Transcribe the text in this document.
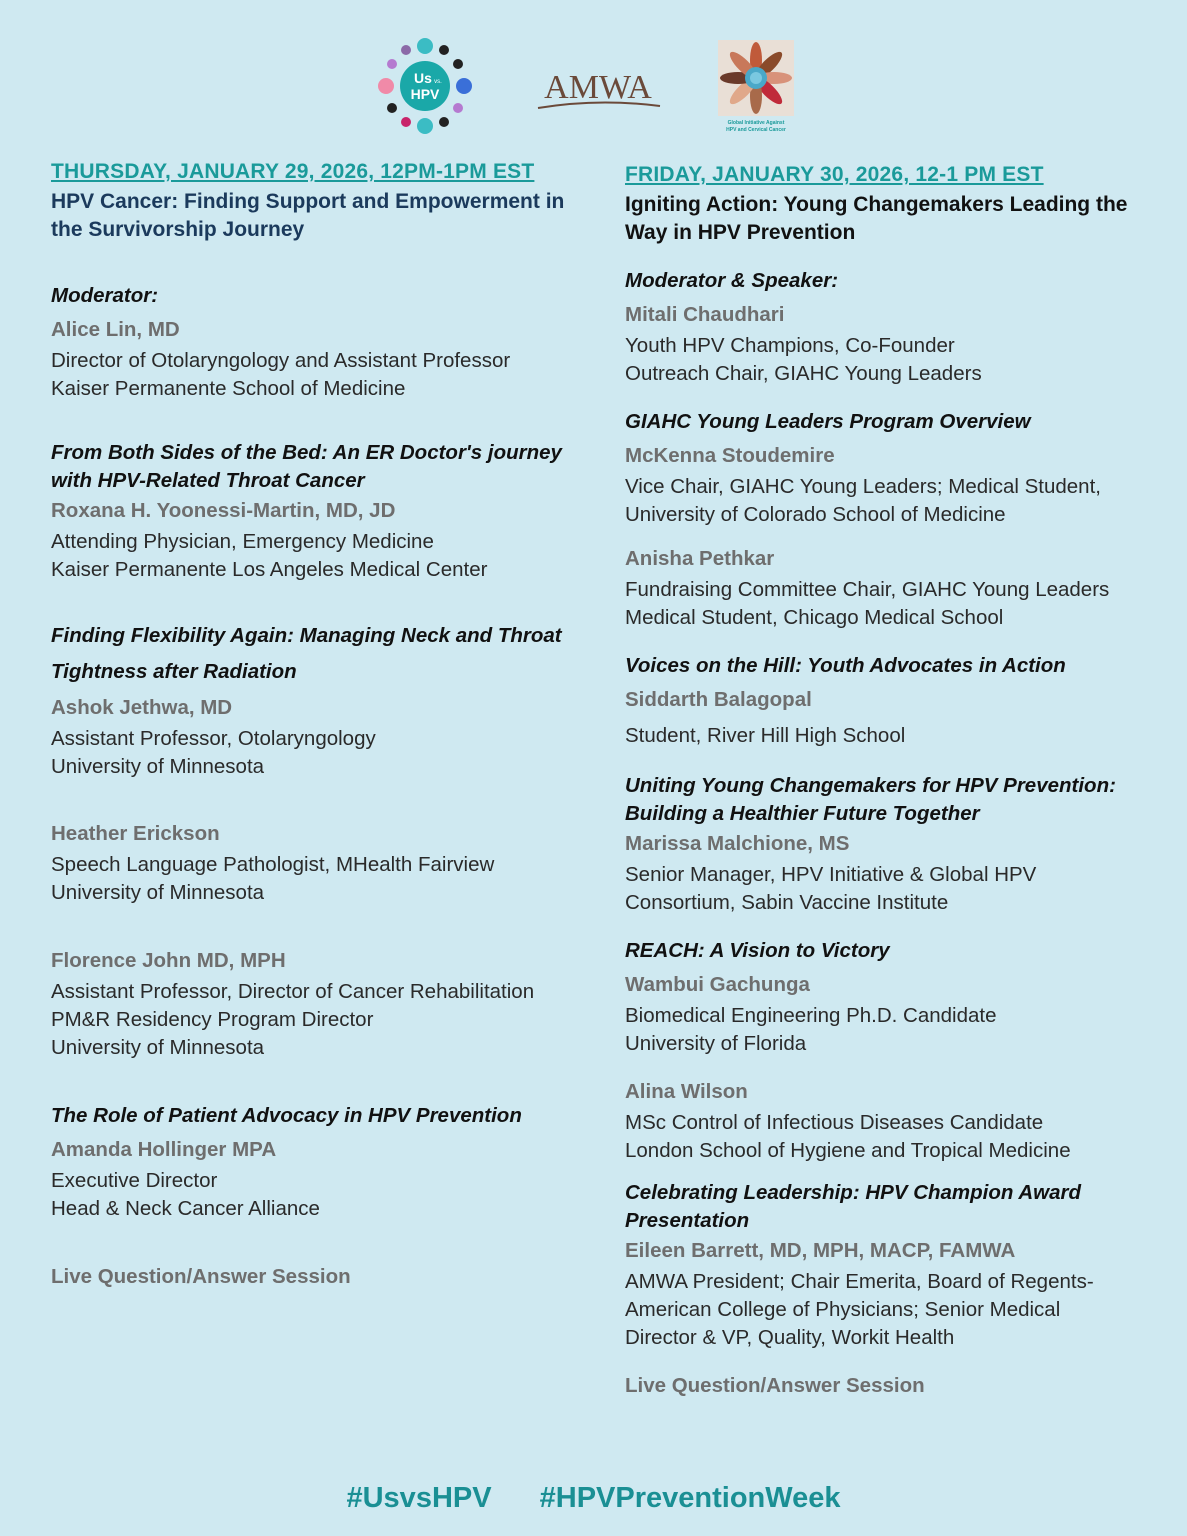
Us vs.
HPV	AMWA
Global Initiative Against
HPV and Cervical Cancer
THURSDAY, JANUARY 29, 2026, 12PM-1PM EST
HPV Cancer: Finding Support and Empowerment in the Survivorship Journey
Moderator:
Alice Lin, MD
Director of Otolaryngology and Assistant Professor
Kaiser Permanente School of Medicine
From Both Sides of the Bed: An ER Doctor's journey with HPV-Related Throat Cancer
Roxana H. Yoonessi-Martin, MD, JD
Attending Physician, Emergency Medicine
Kaiser Permanente Los Angeles Medical Center
Finding Flexibility Again: Managing Neck and Throat
Tightness after Radiation
Ashok Jethwa, MD
Assistant Professor, Otolaryngology
University of Minnesota
Heather Erickson
Speech Language Pathologist, MHealth Fairview
University of Minnesota
Florence John MD, MPH
Assistant Professor, Director of Cancer Rehabilitation
PM&R Residency Program Director
University of Minnesota
The Role of Patient Advocacy in HPV Prevention
Amanda Hollinger MPA
Executive Director
Head & Neck Cancer Alliance
Live Question/Answer Session
FRIDAY, JANUARY 30, 2026, 12-1 PM EST
Igniting Action: Young Changemakers Leading the Way in HPV Prevention
Moderator & Speaker:
Mitali Chaudhari
Youth HPV Champions, Co-Founder
Outreach Chair, GIAHC Young Leaders
GIAHC Young Leaders Program Overview
McKenna Stoudemire
Vice Chair, GIAHC Young Leaders; Medical Student,
University of Colorado School of Medicine
Anisha Pethkar
Fundraising Committee Chair, GIAHC Young Leaders
Medical Student, Chicago Medical School
Voices on the Hill: Youth Advocates in Action
Siddarth Balagopal
Student, River Hill High School
Uniting Young Changemakers for HPV Prevention: Building a Healthier Future Together
Marissa Malchione, MS
Senior Manager, HPV Initiative & Global HPV
Consortium, Sabin Vaccine Institute
REACH: A Vision to Victory
Wambui Gachunga
Biomedical Engineering Ph.D. Candidate
University of Florida
Alina Wilson
MSc Control of Infectious Diseases Candidate
London School of Hygiene and Tropical Medicine
Celebrating Leadership: HPV Champion Award Presentation
Eileen Barrett, MD, MPH, MACP, FAMWA
AMWA President; Chair Emerita, Board of Regents-
American College of Physicians; Senior Medical
Director & VP, Quality, Workit Health
Live Question/Answer Session
#UsvsHPV #HPVPreventionWeek
